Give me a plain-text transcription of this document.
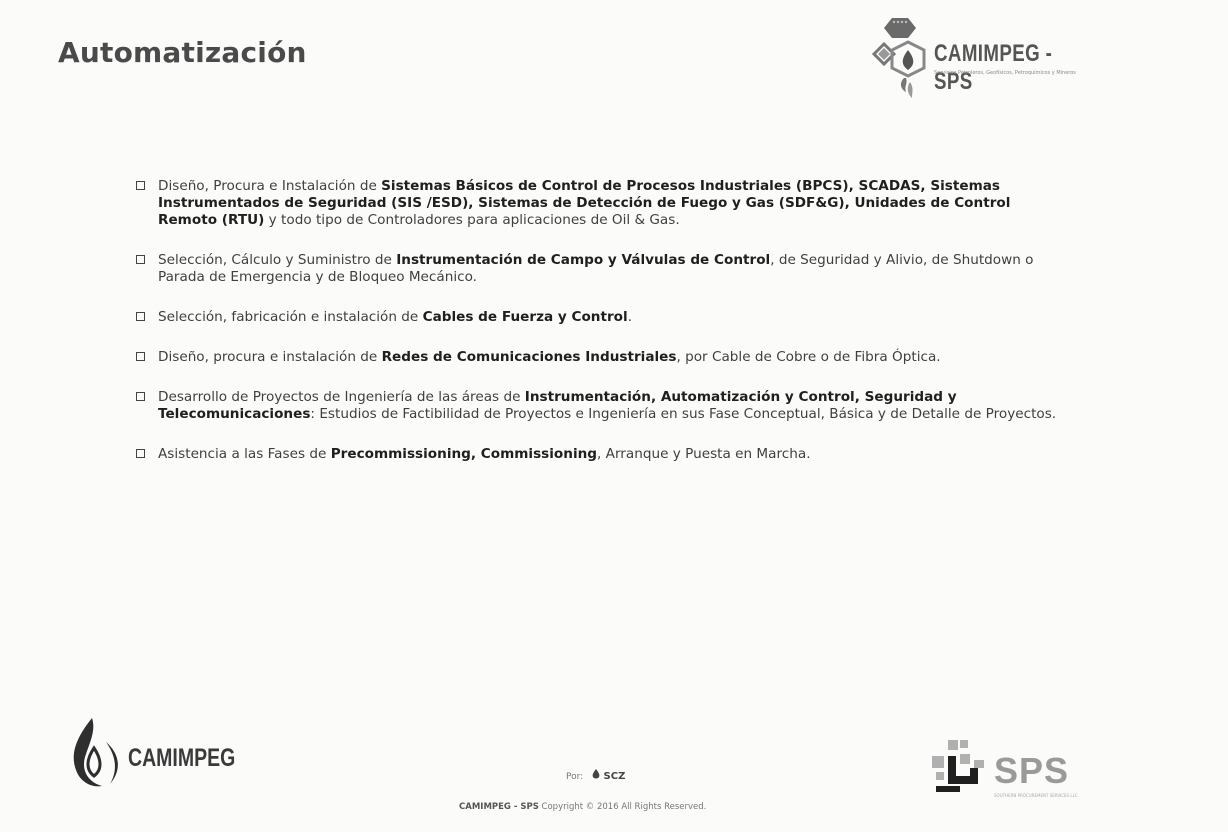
Automatización	CAMIMPEG - SPS
Servicios Petroleros, Geofísicos, Petroquímicos y Mineros
Diseño, Procura e Instalación de Sistemas Básicos de Control de Procesos Industriales (BPCS), SCADAS, Sistemas Instrumentados de Seguridad (SIS /ESD), Sistemas de Detección de Fuego y Gas (SDF&G), Unidades de Control Remoto (RTU) y todo tipo de Controladores para aplicaciones de Oil & Gas.
Selección, Cálculo y Suministro de Instrumentación de Campo y Válvulas de Control, de Seguridad y Alivio, de Shutdown o Parada de Emergencia y de Bloqueo Mecánico.
Selección, fabricación e instalación de Cables de Fuerza y Control.
Diseño, procura e instalación de Redes de Comunicaciones Industriales, por Cable de Cobre o de Fibra Óptica.
Desarrollo de Proyectos de Ingeniería de las áreas de Instrumentación, Automatización y Control, Seguridad y Telecomunicaciones: Estudios de Factibilidad de Proyectos e Ingeniería en sus Fase Conceptual, Básica y de Detalle de Proyectos.
Asistencia a las Fases de Precommissioning, Commissioning, Arranque y Puesta en Marcha.
CAMIMPEG
Por: SCZ
CAMIMPEG - SPS Copyright © 2016 All Rights Reserved.
SPS
SOUTHERN PROCUREMENT SERVICES LLC
